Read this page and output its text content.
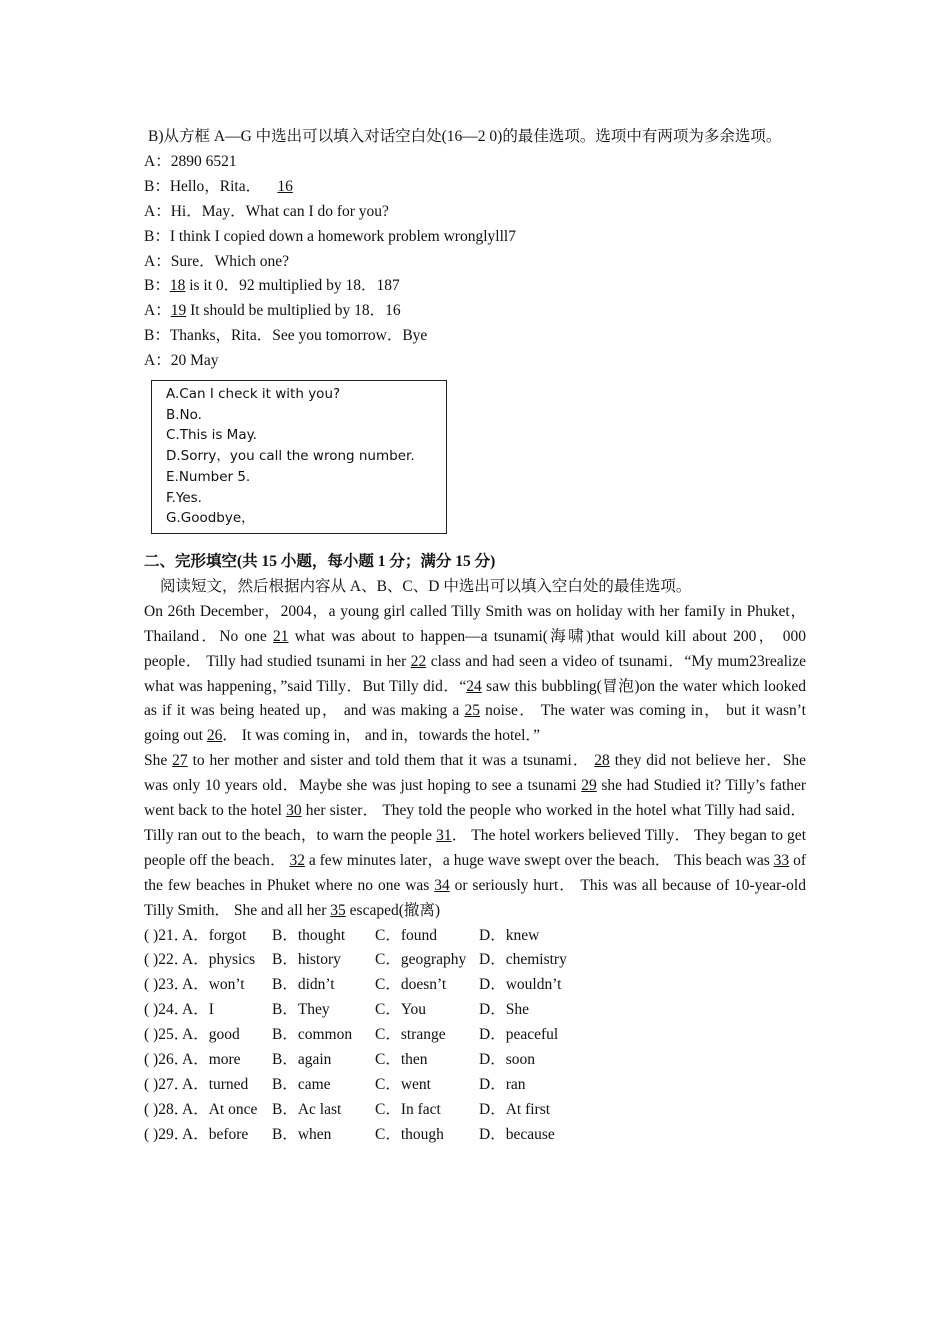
B)从方框 A—G 中选出可以填入对话空白处(16—2 0)的最佳选项。选项中有两项为多余选项。
A：2890 6521
B：Hello，Rita． 16
A：Hi．May．What can I do for you?
B：I think I copied down a homework problem wronglylll7
A：Sure．Which one?
B：18 is it 0．92 multiplied by 18．187
A：19 It should be multiplied by 18．16
B：Thanks，Rita．See you tomorrow．Bye
A：20 May
A.Can I check it with you?
B.No.
C.This is May.
D.Sorry，you call the wrong number.
E.Number 5.
F.Yes.
G.Goodbye，
二、完形填空(共 15 小题，每小题 1 分；满分 15 分)
阅读短文，然后根据内容从 A、B、C、D 中选出可以填入空白处的最佳选项。
On 26th December，2004，a young girl called Tilly Smith was on holiday with her famiIy in Phuket，Thailand．No one 21 what was about to happen—a tsunami(海啸)that would kill about 200， 000 people． Tilly had studied tsunami in her 22 class and had seen a video of tsunami．“My mum23realize what was happening，”said Tilly．But Tilly did．“24 saw this bubbling(冒泡)on the water which looked as if it was being heated up， and was making a 25 noise． The water was coming in， but it wasn’t going out 26． It was coming in， and in，towards the hotel．”
She 27 to her mother and sister and told them that it was a tsunami． 28 they did not believe her．She was only 10 years old．Maybe she was just hoping to see a tsunami 29 she had Studied it? Tilly’s father went back to the hotel 30 her sister． They told the people who worked in the hotel what Tilly had said．Tilly ran out to the beach，to warn the people 31． The hotel workers believed Tilly． They began to get people off the beach． 32 a few minutes later，a huge wave swept over the beach． This beach was 33 of the few beaches in Phuket where no one was 34 or seriously hurt． This was all because of 10-year-old Tilly Smith． She and all her 35 escaped(撤离)
( )21．
A．forgot	B．thought	C．found	D．knew
( )22．
A．physics	B．history	C．geography D．chemistry
( )23．
A．won’t	B．didn’t	C．doesn’t	D．wouldn’t
( )24．
A．I	B．They	C．You	D．She
( )25．
A．good	B．common	C．strange	D．peaceful
( )26．
A．more	B．again	C．then	D．soon
( )27．
A．turned	B．came	C．went	D．ran
( )28．
A．At once B．Ac last	C．In fact	D．At first
( )29．
A．before	B．when	C．though	D．because
